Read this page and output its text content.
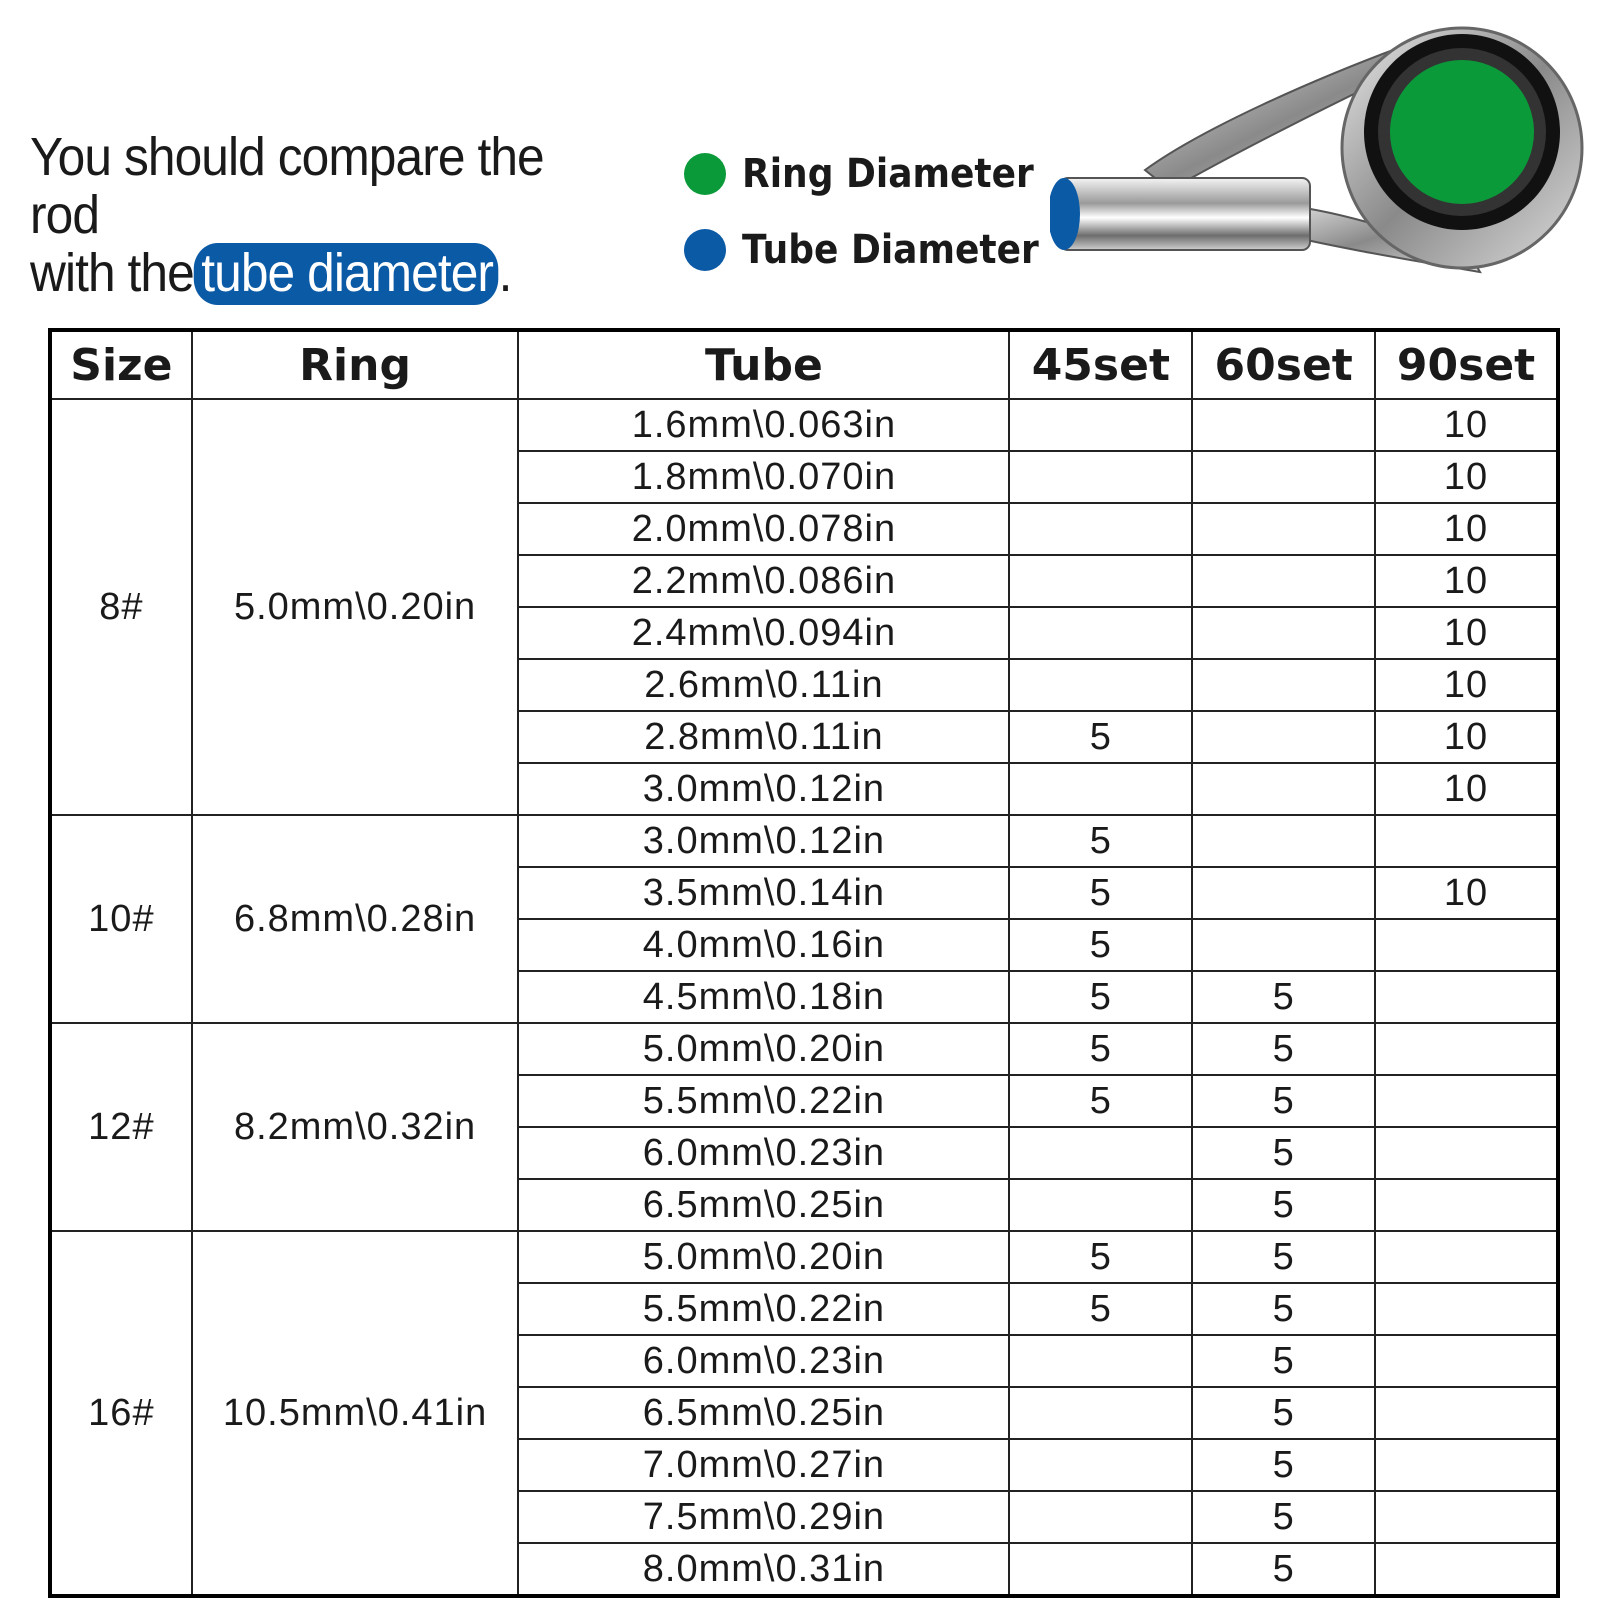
You should compare the rod
with the tube diameter .
Ring Diameter
Tube Diameter
Size	Ring	Tube	45set	60set	90set
8#	5.0mm\0.20in	1.6mm\0.063in			10
		1.8mm\0.070in			10
		2.0mm\0.078in			10
		2.2mm\0.086in			10
		2.4mm\0.094in			10
		2.6mm\0.11in			10
		2.8mm\0.11in	5		10
		3.0mm\0.12in			10
10#	6.8mm\0.28in	3.0mm\0.12in	5		
		3.5mm\0.14in	5		10
		4.0mm\0.16in	5		
		4.5mm\0.18in	5	5	
12#	8.2mm\0.32in	5.0mm\0.20in	5	5	
		5.5mm\0.22in	5	5	
		6.0mm\0.23in		5	
		6.5mm\0.25in		5	
16#	10.5mm\0.41in	5.0mm\0.20in	5	5	
		5.5mm\0.22in	5	5	
		6.0mm\0.23in		5	
		6.5mm\0.25in		5	
		7.0mm\0.27in		5	
		7.5mm\0.29in		5	
		8.0mm\0.31in		5	
